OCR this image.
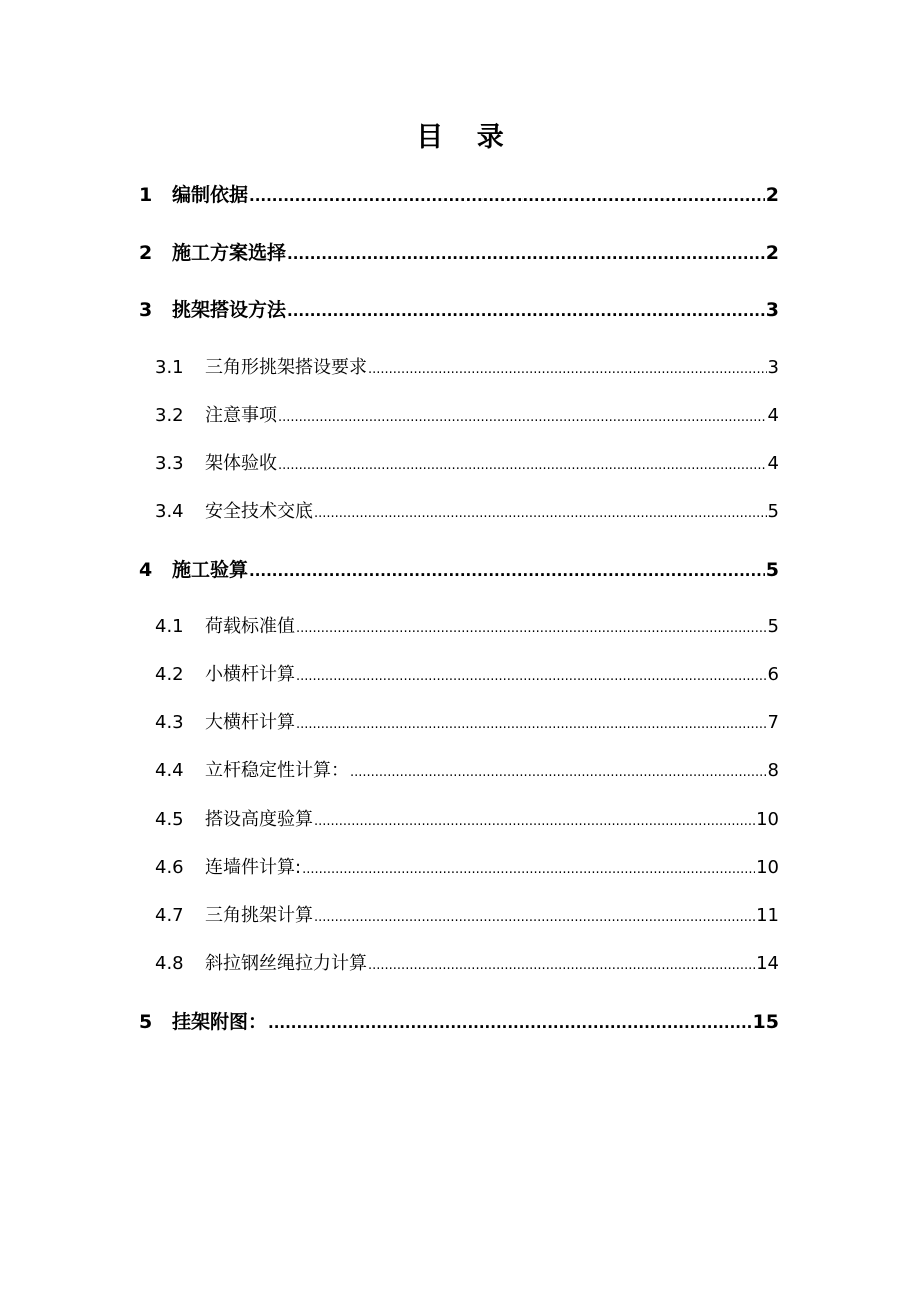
目 录
1 编制依据 .....	2
2 施工方案选择 .....	2
3 挑架搭设方法 .....	3
3.1 三角形挑架搭设要求 .....	3
3.2 注意事项 .....	4
3.3 架体验收 .....	4
3.4 安全技术交底 .....	5
4 施工验算 .....	5
4.1 荷载标准值 .....	5
4.2 小横杆计算 .....	6
4.3 大横杆计算 .....	7
4.4 立杆稳定性计算： .....	8
4.5 搭设高度验算 .....	10
4.6 连墙件计算: .....	10
4.7 三角挑架计算 .....	11
4.8 斜拉钢丝绳拉力计算 .....	14
5 挂架附图： .....	15
